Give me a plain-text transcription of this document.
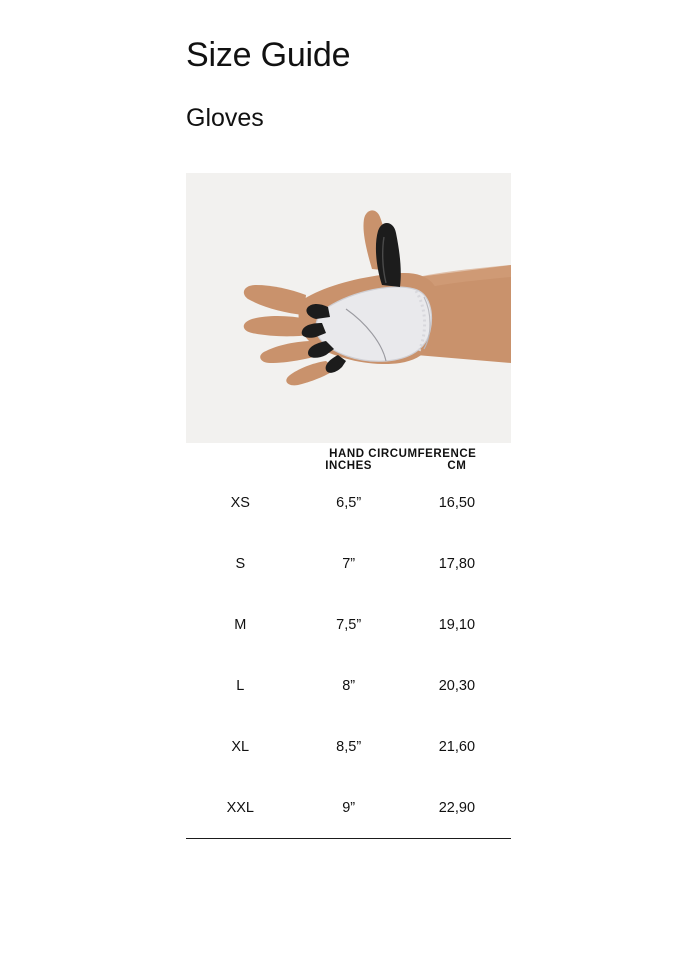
Size Guide
Gloves
	HAND CIRCUMFERENCE	
	INCHES	CM
XS	6,5”	16,50
S	7”	17,80
M	7,5”	19,10
L	8”	20,30
XL	8,5”	21,60
XXL	9”	22,90
